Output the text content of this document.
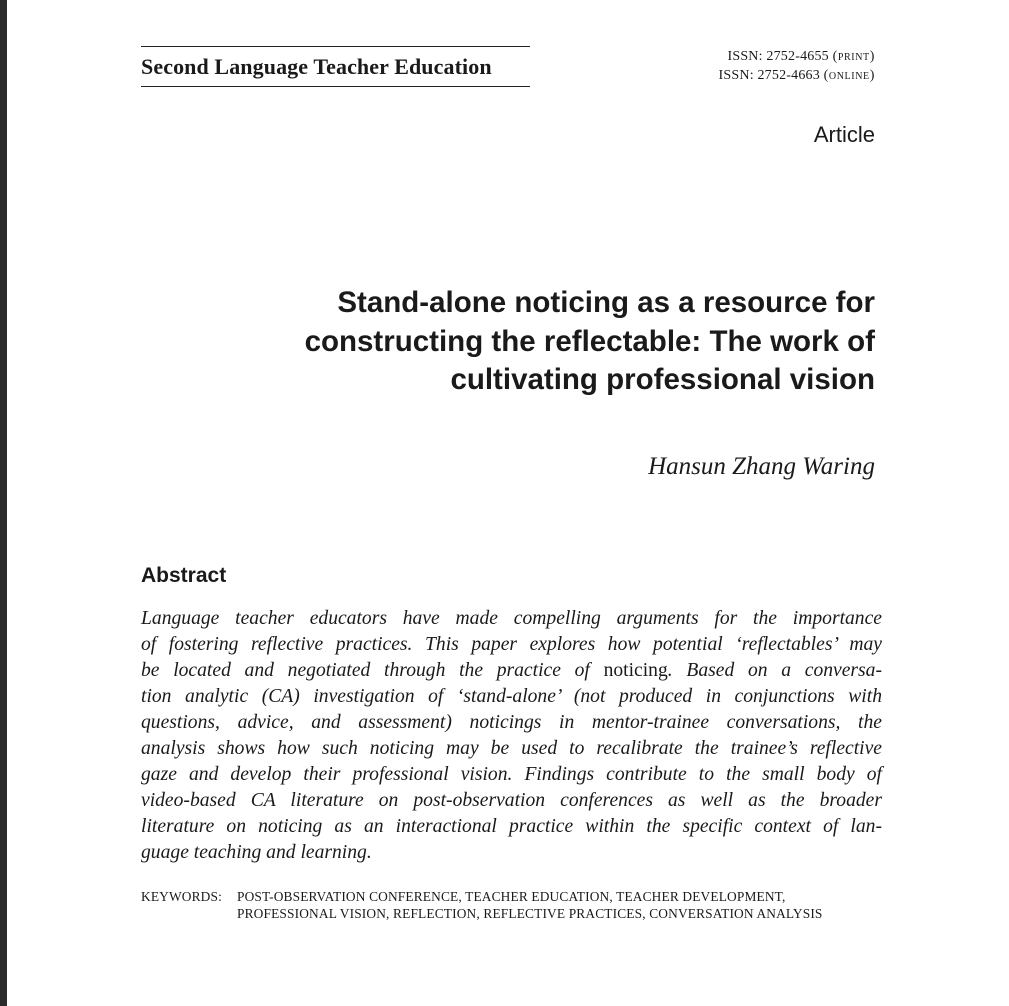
Second Language Teacher Education	ISSN: 2752-4655 (print)
ISSN: 2752-4663 (online)
Article
Stand-alone noticing as a resource for
constructing the reflectable: The work of
cultivating professional vision
Hansun Zhang Waring
Abstract
Language teacher educators have made compelling arguments for the importance
of fostering reflective practices. This paper explores how potential ‘reflectables’ may
be located and negotiated through the practice of noticing. Based on a conversa-
tion analytic (CA) investigation of ‘stand-alone’ (not produced in conjunctions with
questions, advice, and assessment) noticings in mentor-trainee conversations, the
analysis shows how such noticing may be used to recalibrate the trainee’s reflective
gaze and develop their professional vision. Findings contribute to the small body of
video-based CA literature on post-observation conferences as well as the broader
literature on noticing as an interactional practice within the specific context of lan-
guage teaching and learning.
KEYWORDS: POST-OBSERVATION CONFERENCE, TEACHER EDUCATION, TEACHER DEVELOPMENT,
PROFESSIONAL VISION, REFLECTION, REFLECTIVE PRACTICES, CONVERSATION ANALYSIS
